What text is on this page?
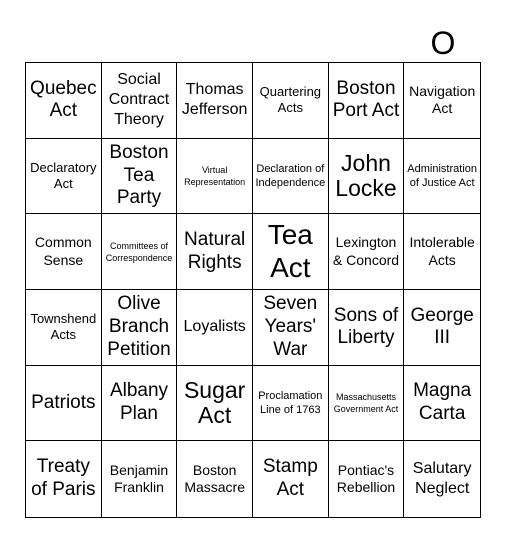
O
Quebec Act
Social Contract Theory
Thomas Jefferson
Quartering Acts
Boston Port Act
Navigation Act
Declaratory Act
Boston Tea Party
Virtual Representation
Declaration of Independence
John Locke
Administration of Justice Act
Common Sense
Committees of Correspondence
Natural Rights
Tea Act
Lexington & Concord
Intolerable Acts
Townshend Acts
Olive Branch Petition
Loyalists
Seven Years' War
Sons of Liberty
George III
Patriots
Albany Plan
Sugar Act
Proclamation Line of 1763
Massachusetts Government Act
Magna Carta
Treaty of Paris
Benjamin Franklin
Boston Massacre
Stamp Act
Pontiac's Rebellion
Salutary Neglect
